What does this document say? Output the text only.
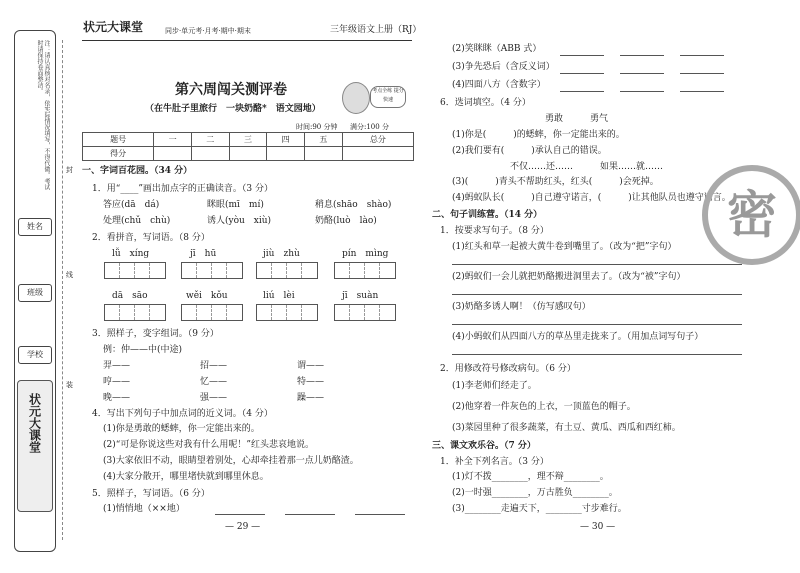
注：请认真核对名录，依实际情况填写，不得代做。考试时请保持卷面整洁。
姓名
班级
学校
状元大课堂
封
线
装
状元大课堂	同步·单元考·月考·期中·期末	三年级语文上册（RJ）
第六周闯关测评卷
（在牛肚子里旅行　一块奶酪*　语文园地）
考点全练 提分快速
时间:90 分钟 满分:100 分
题号	一	二	三	四	五	总分
得分						
一、字词百花园。（34 分）
1．用“____”画出加点字的正确读音。（3 分）
答应(dā　dá)	眯眼(mī　mí)	稍息(shāo　shào)
处理(chǔ　chù)	诱人(yòu　xiù)	奶酪(luò　lào)
2．看拼音，写词语。（8 分）
lǚ　xíng	jī　hū	jiù　zhù	pín　mìng
dā　sāo	wěi　kǒu	liú　lèi	jī　suàn
3．照样子，变字组词。（9 分）
例：仲——中(中途)
羿——	招——	谓——
哼——	忆——	特——
晚——	强——	躁——
4．写出下列句子中加点词的近义词。（4 分）
(1)你是勇敢的蟋蟀，你一定能出来的。
(2)“可是你说这些对我有什么用呢！”红头悲哀地说。
(3)大家依旧不动，眼睛望着别处，心却牵挂着那一点儿奶酪渣。
(4)大家分散开，哪里堵快就到哪里休息。
5．照样子，写词语。（6 分）
(1)悄悄地（××地）
— 29 —
(2)笑眯眯（ABB 式）
(3)争先恐后（含反义词）
(4)四面八方（含数字）
6．选词填空。（4 分）
勇敢　　　勇气
(1)你是(　　　)的蟋蟀，你一定能出来的。
(2)我们要有(　　　)承认自己的错误。
不仅……还……　　　如果……就……
(3)(　　　)青头不帮助红头，红头(　　　)会死掉。
(4)蚂蚁队长(　　　)自己遵守诺言，(　　　)让其他队员也遵守诺言。
二、句子训练营。（14 分）
1．按要求写句子。（8 分）
(1)红头和草一起被大黄牛卷到嘴里了。（改为“把”字句）
(2)蚂蚁们一会儿就把奶酪搬进洞里去了。（改为“被”字句）
(3)奶酪多诱人啊！（仿写感叹句）
(4)小蚂蚁们从四面八方的草丛里走拢来了。（用加点词写句子）
2．用修改符号修改病句。（6 分）
(1)李老师们经走了。
(2)他穿着一件灰色的上衣，一顶蓝色的帽子。
(3)菜园里种了很多蔬菜，有土豆、黄瓜、西瓜和西红柿。
三、课文欢乐谷。（7 分）
1．补全下列名言。（3 分）
(1)灯不拨________，理不辩________。
(2)一时强________，万古胜负________。
(3)________走遍天下，________寸步难行。
— 30 —
密
